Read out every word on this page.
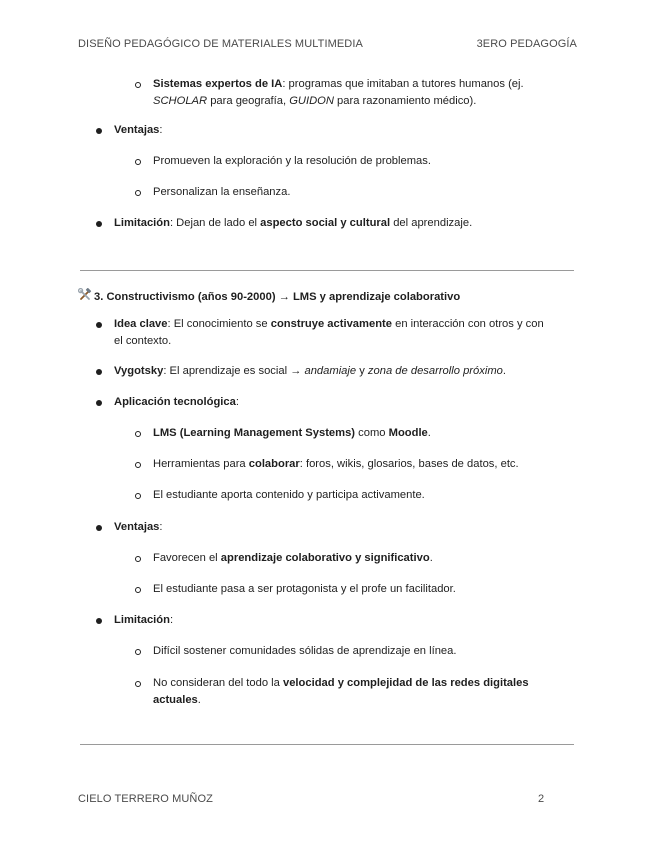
DISEÑO PEDAGÓGICO DE MATERIALES MULTIMEDIA	3ERO PEDAGOGÍA
Sistemas expertos de IA: programas que imitaban a tutores humanos (ej.
SCHOLAR para geografía, GUIDON para razonamiento médico).
Ventajas:
Promueven la exploración y la resolución de problemas.
Personalizan la enseñanza.
Limitación: Dejan de lado el aspecto social y cultural del aprendizaje.
3. Constructivismo (años 90-2000) → LMS y aprendizaje colaborativo
Idea clave: El conocimiento se construye activamente en interacción con otros y con
el contexto.
Vygotsky: El aprendizaje es social → andamiaje y zona de desarrollo próximo.
Aplicación tecnológica:
LMS (Learning Management Systems) como Moodle.
Herramientas para colaborar: foros, wikis, glosarios, bases de datos, etc.
El estudiante aporta contenido y participa activamente.
Ventajas:
Favorecen el aprendizaje colaborativo y significativo.
El estudiante pasa a ser protagonista y el profe un facilitador.
Limitación:
Difícil sostener comunidades sólidas de aprendizaje en línea.
No consideran del todo la velocidad y complejidad de las redes digitales
actuales.
CIELO TERRERO MUÑOZ	2
